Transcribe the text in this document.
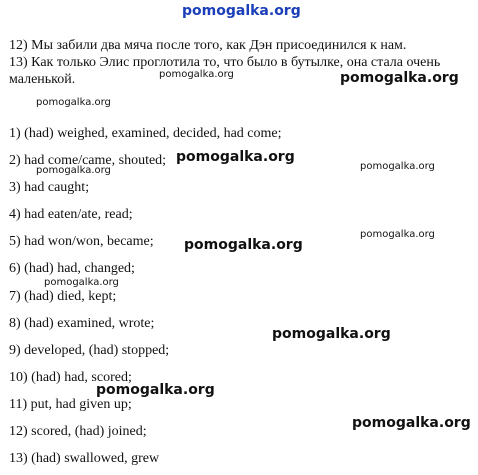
pomogalka.org
12) Мы забили два мяча после того, как Дэн присоединился к нам.
13) Как только Элис проглотила то, что было в бутылке, она стала очень
маленькой.
1) (had) weighed, examined, decided, had come;
2) had come/came, shouted;
3) had caught;
4) had eaten/ate, read;
5) had won/won, became;
6) (had) had, changed;
7) (had) died, kept;
8) (had) examined, wrote;
9) developed, (had) stopped;
10) (had) had, scored;
11) put, had given up;
12) scored, (had) joined;
13) (had) swallowed, grew
pomogalka.org	pomogalka.org
pomogalka.org
pomogalka.org
pomogalka.org
pomogalka.org
pomogalka.org
pomogalka.org
pomogalka.org
pomogalka.org
pomogalka.org
pomogalka.org
